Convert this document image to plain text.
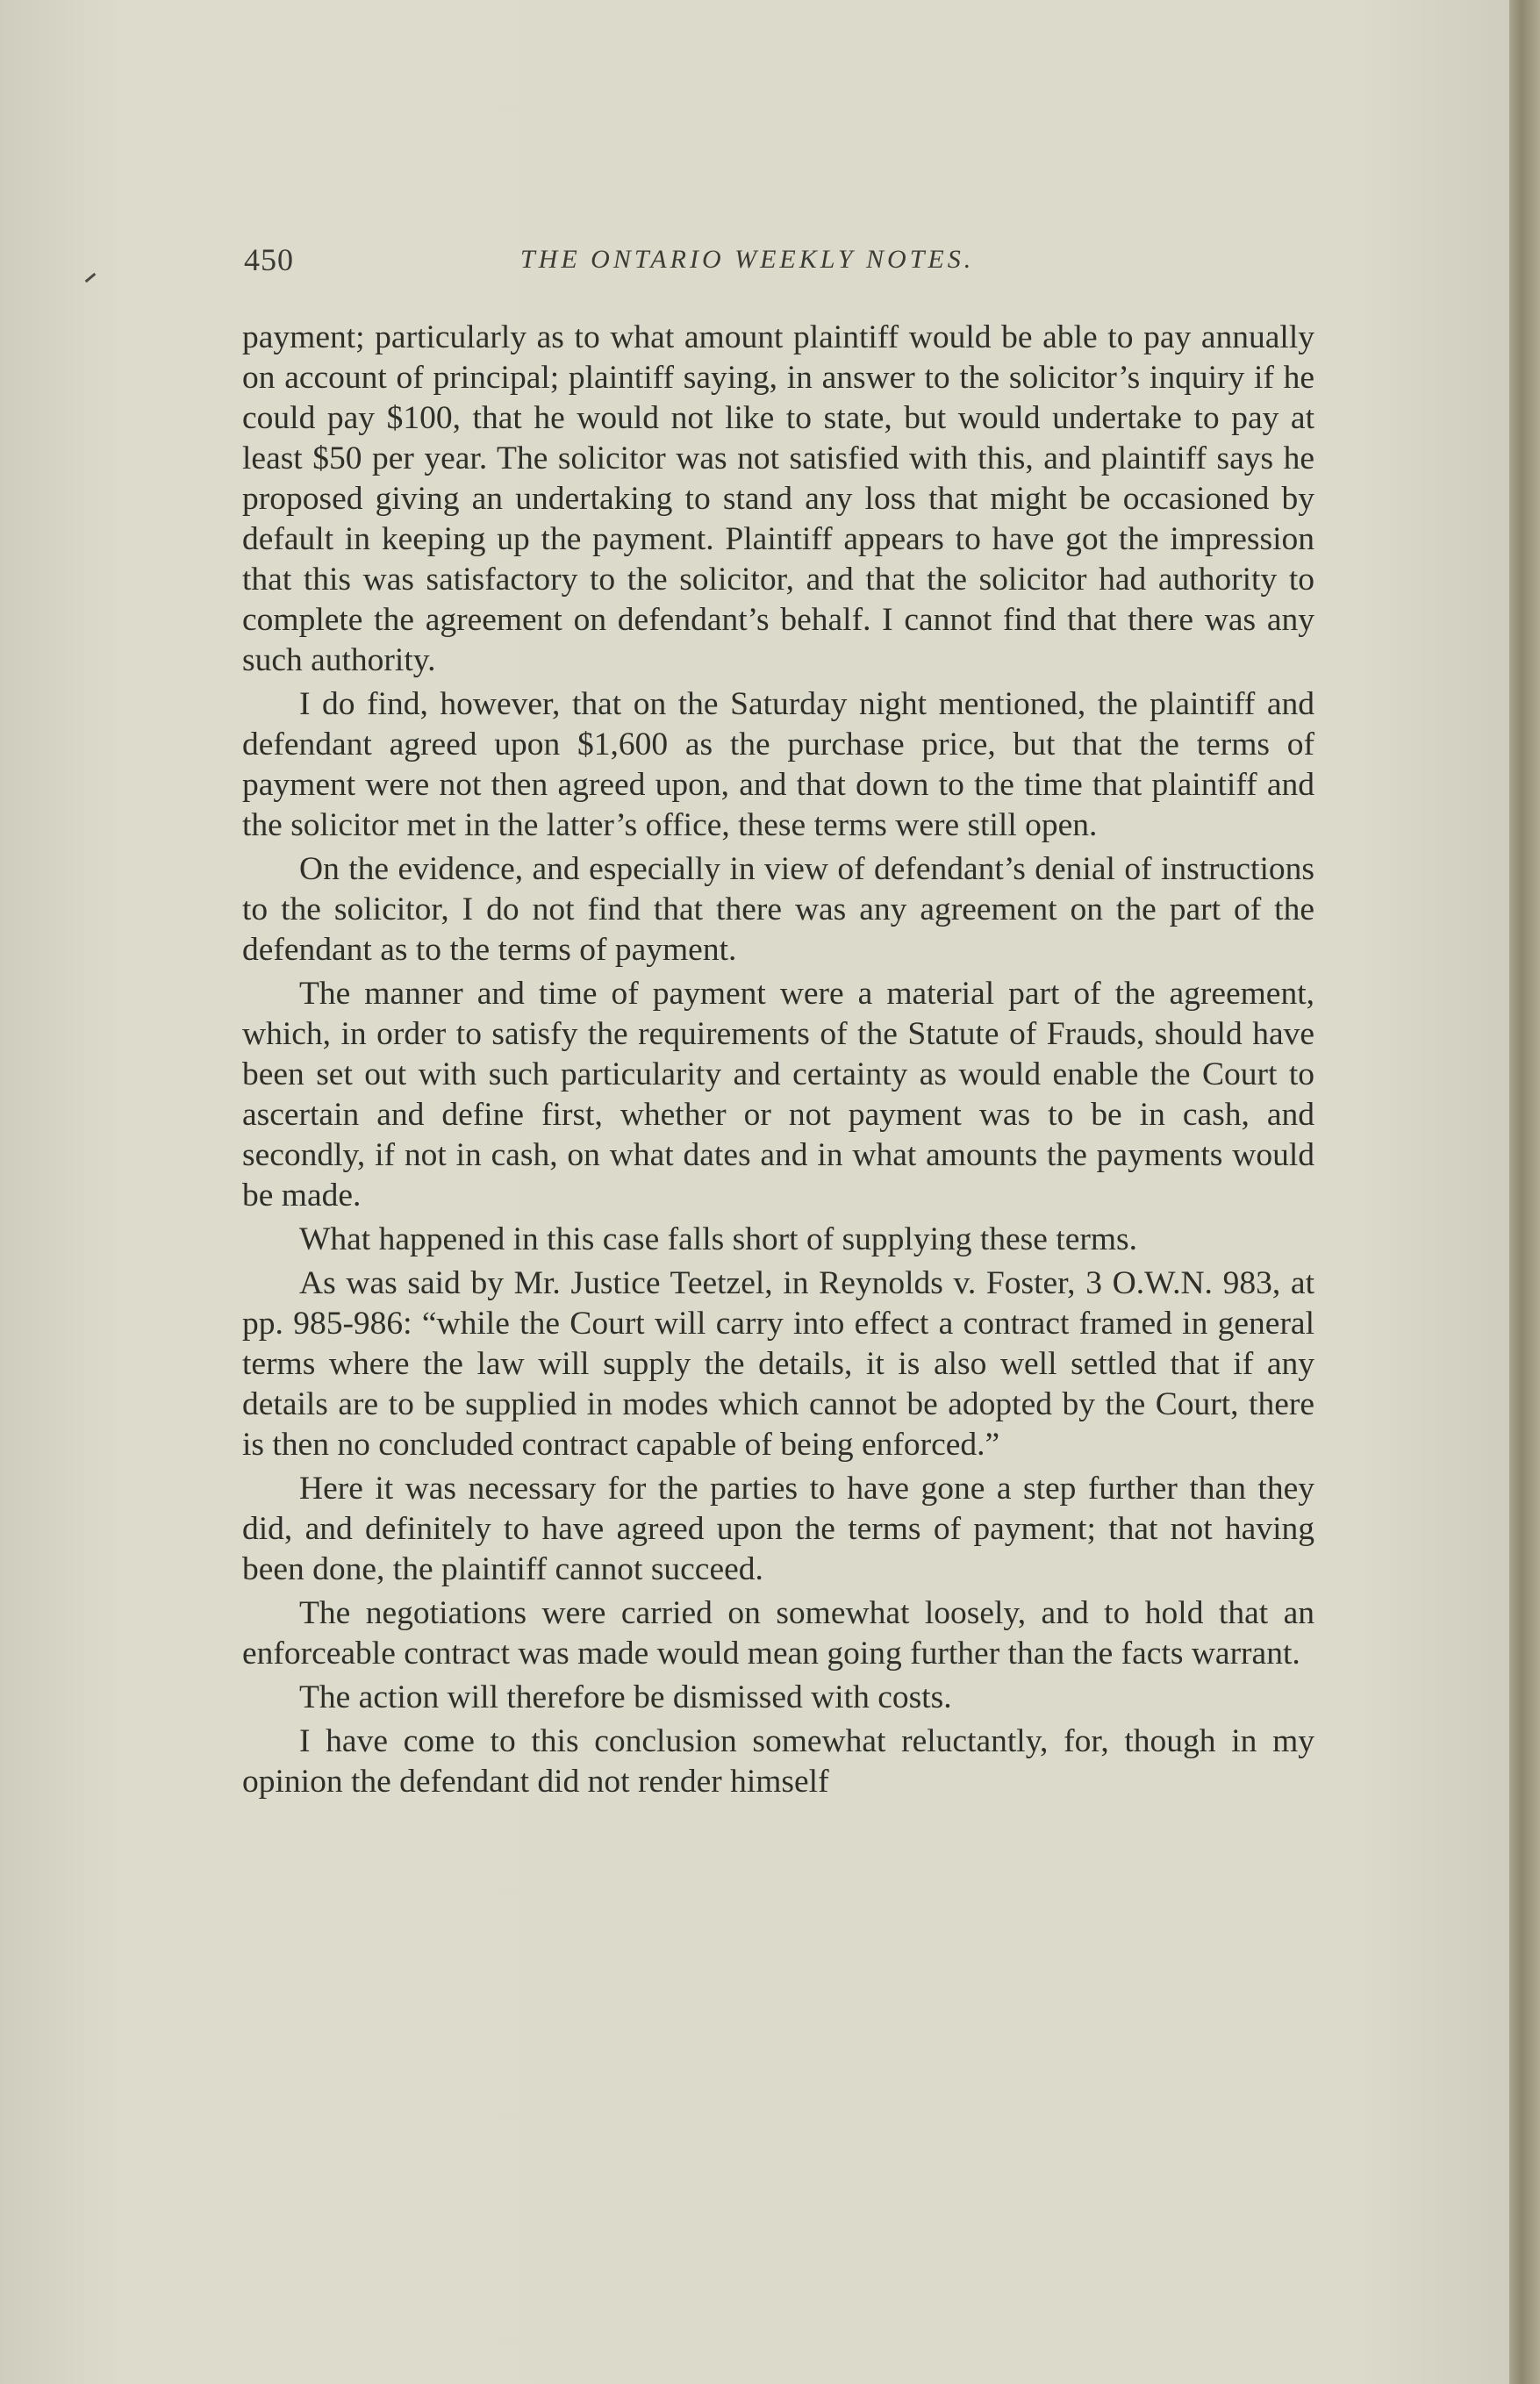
450	THE ONTARIO WEEKLY NOTES.

payment; particularly as to what amount plaintiff would be able to pay annually on account of principal; plaintiff saying, in answer to the solicitor’s inquiry if he could pay $100, that he would not like to state, but would undertake to pay at least $50 per year. The solicitor was not satisfied with this, and plaintiff says he proposed giving an undertaking to stand any loss that might be occasioned by default in keeping up the payment. Plaintiff appears to have got the impression that this was satisfactory to the solicitor, and that the solicitor had authority to complete the agreement on defendant’s behalf. I cannot find that there was any such authority.

I do find, however, that on the Saturday night mentioned, the plaintiff and defendant agreed upon $1,600 as the purchase price, but that the terms of payment were not then agreed upon, and that down to the time that plaintiff and the solicitor met in the latter’s office, these terms were still open.

On the evidence, and especially in view of defendant’s denial of instructions to the solicitor, I do not find that there was any agreement on the part of the defendant as to the terms of payment.

The manner and time of payment were a material part of the agreement, which, in order to satisfy the requirements of the Statute of Frauds, should have been set out with such particularity and certainty as would enable the Court to ascertain and define first, whether or not payment was to be in cash, and secondly, if not in cash, on what dates and in what amounts the payments would be made.

What happened in this case falls short of supplying these terms.

As was said by Mr. Justice Teetzel, in Reynolds v. Foster, 3 O.W.N. 983, at pp. 985-986: “while the Court will carry into effect a contract framed in general terms where the law will supply the details, it is also well settled that if any details are to be supplied in modes which cannot be adopted by the Court, there is then no concluded contract capable of being enforced.”

Here it was necessary for the parties to have gone a step further than they did, and definitely to have agreed upon the terms of payment; that not having been done, the plaintiff cannot succeed.

The negotiations were carried on somewhat loosely, and to hold that an enforceable contract was made would mean going further than the facts warrant.

The action will therefore be dismissed with costs.

I have come to this conclusion somewhat reluctantly, for, though in my opinion the defendant did not render himself
